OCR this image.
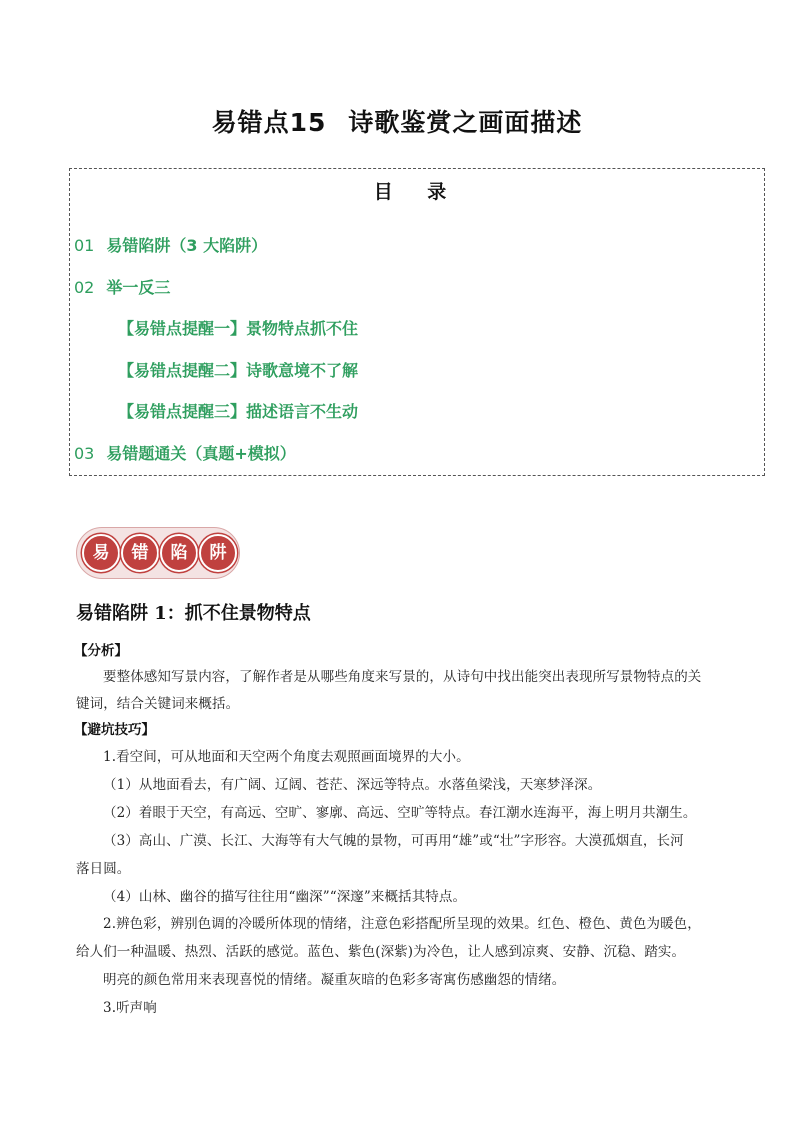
易错点15 诗歌鉴赏之画面描述
目 录
01 易错陷阱（3 大陷阱）
02 举一反三
【易错点提醒一】景物特点抓不住
【易错点提醒二】诗歌意境不了解
【易错点提醒三】描述语言不生动
03 易错题通关（真题+模拟）
易	错	陷	阱
易错陷阱 1：抓不住景物特点
【分析】
要整体感知写景内容，了解作者是从哪些角度来写景的，从诗句中找出能突出表现所写景物特点的关
键词，结合关键词来概括。
【避坑技巧】
1.看空间，可从地面和天空两个角度去观照画面境界的大小。
（1）从地面看去，有广阔、辽阔、苍茫、深远等特点。水落鱼梁浅，天寒梦泽深。
（2）着眼于天空，有高远、空旷、寥廓、高远、空旷等特点。春江潮水连海平，海上明月共潮生。
（3）高山、广漠、长江、大海等有大气魄的景物，可再用“雄”或“壮”字形容。大漠孤烟直，长河
落日圆。
（4）山林、幽谷的描写往往用“幽深”“深邃”来概括其特点。
2.辨色彩，辨别色调的冷暖所体现的情绪，注意色彩搭配所呈现的效果。红色、橙色、黄色为暖色，
给人们一种温暖、热烈、活跃的感觉。蓝色、紫色(深紫)为冷色，让人感到凉爽、安静、沉稳、踏实。
明亮的颜色常用来表现喜悦的情绪。凝重灰暗的色彩多寄寓伤感幽怨的情绪。
3.听声响
